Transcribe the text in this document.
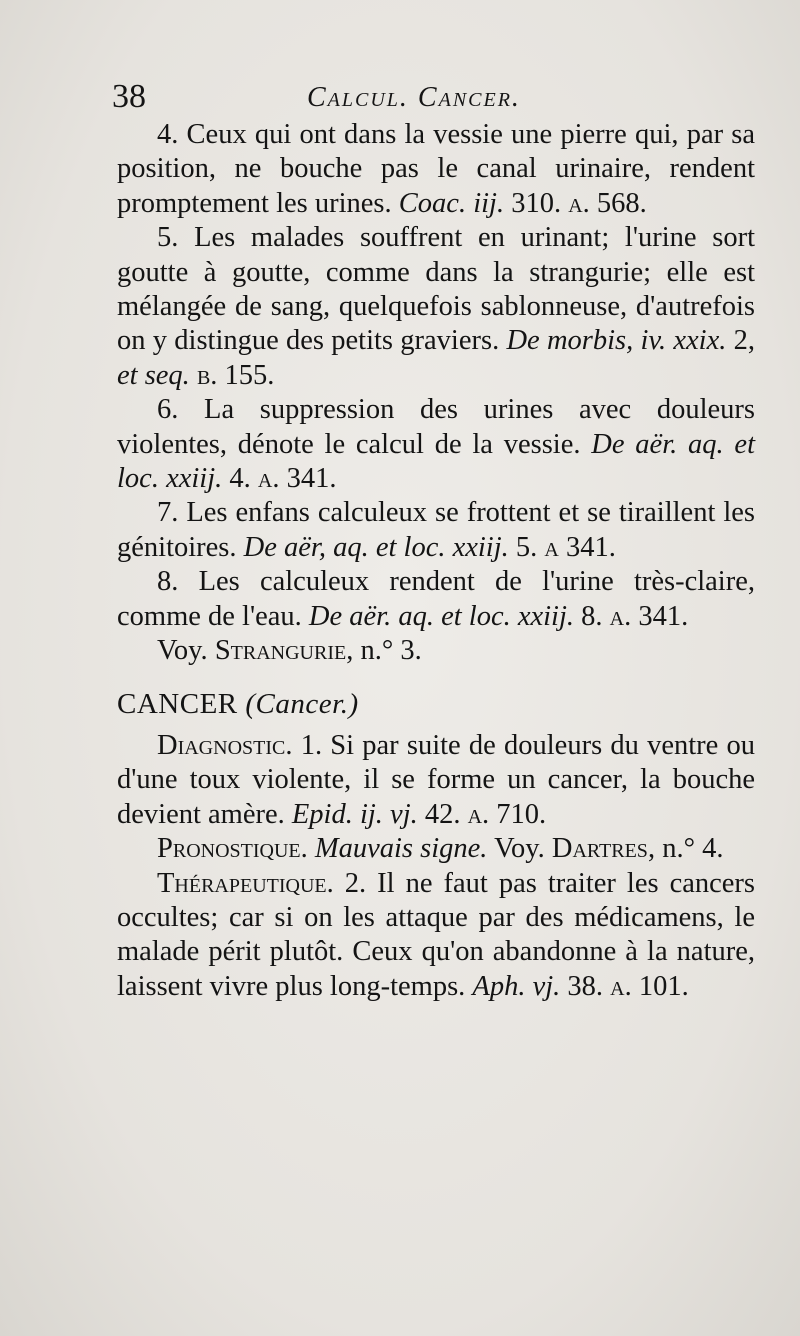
38	Calcul. Cancer.

4. Ceux qui ont dans la vessie une pierre qui, par sa position, ne bouche pas le canal urinaire, rendent promptement les urines. Coac. iij. 310. a. 568.

5. Les malades souffrent en urinant; l'urine sort goutte à goutte, comme dans la strangurie; elle est mélangée de sang, quelquefois sablonneuse, d'autrefois on y distingue des petits graviers. De morbis, iv. xxix. 2, et seq. b. 155.

6. La suppression des urines avec douleurs violentes, dénote le calcul de la vessie. De aër. aq. et loc. xxiij. 4. a. 341.

7. Les enfans calculeux se frottent et se tiraillent les génitoires. De aër, aq. et loc. xxiij. 5. a 341.

8. Les calculeux rendent de l'urine très-claire, comme de l'eau. De aër. aq. et loc. xxiij. 8. a. 341.

Voy. Strangurie, n.° 3.

CANCER (Cancer.)

Diagnostic. 1. Si par suite de douleurs du ventre ou d'une toux violente, il se forme un cancer, la bouche devient amère. Epid. ij. vj. 42. a. 710.

Pronostique. Mauvais signe. Voy. Dartres, n.° 4.

Thérapeutique. 2. Il ne faut pas traiter les cancers occultes; car si on les attaque par des médicamens, le malade périt plutôt. Ceux qu'on abandonne à la nature, laissent vivre plus long-temps. Aph. vj. 38. a. 101.
